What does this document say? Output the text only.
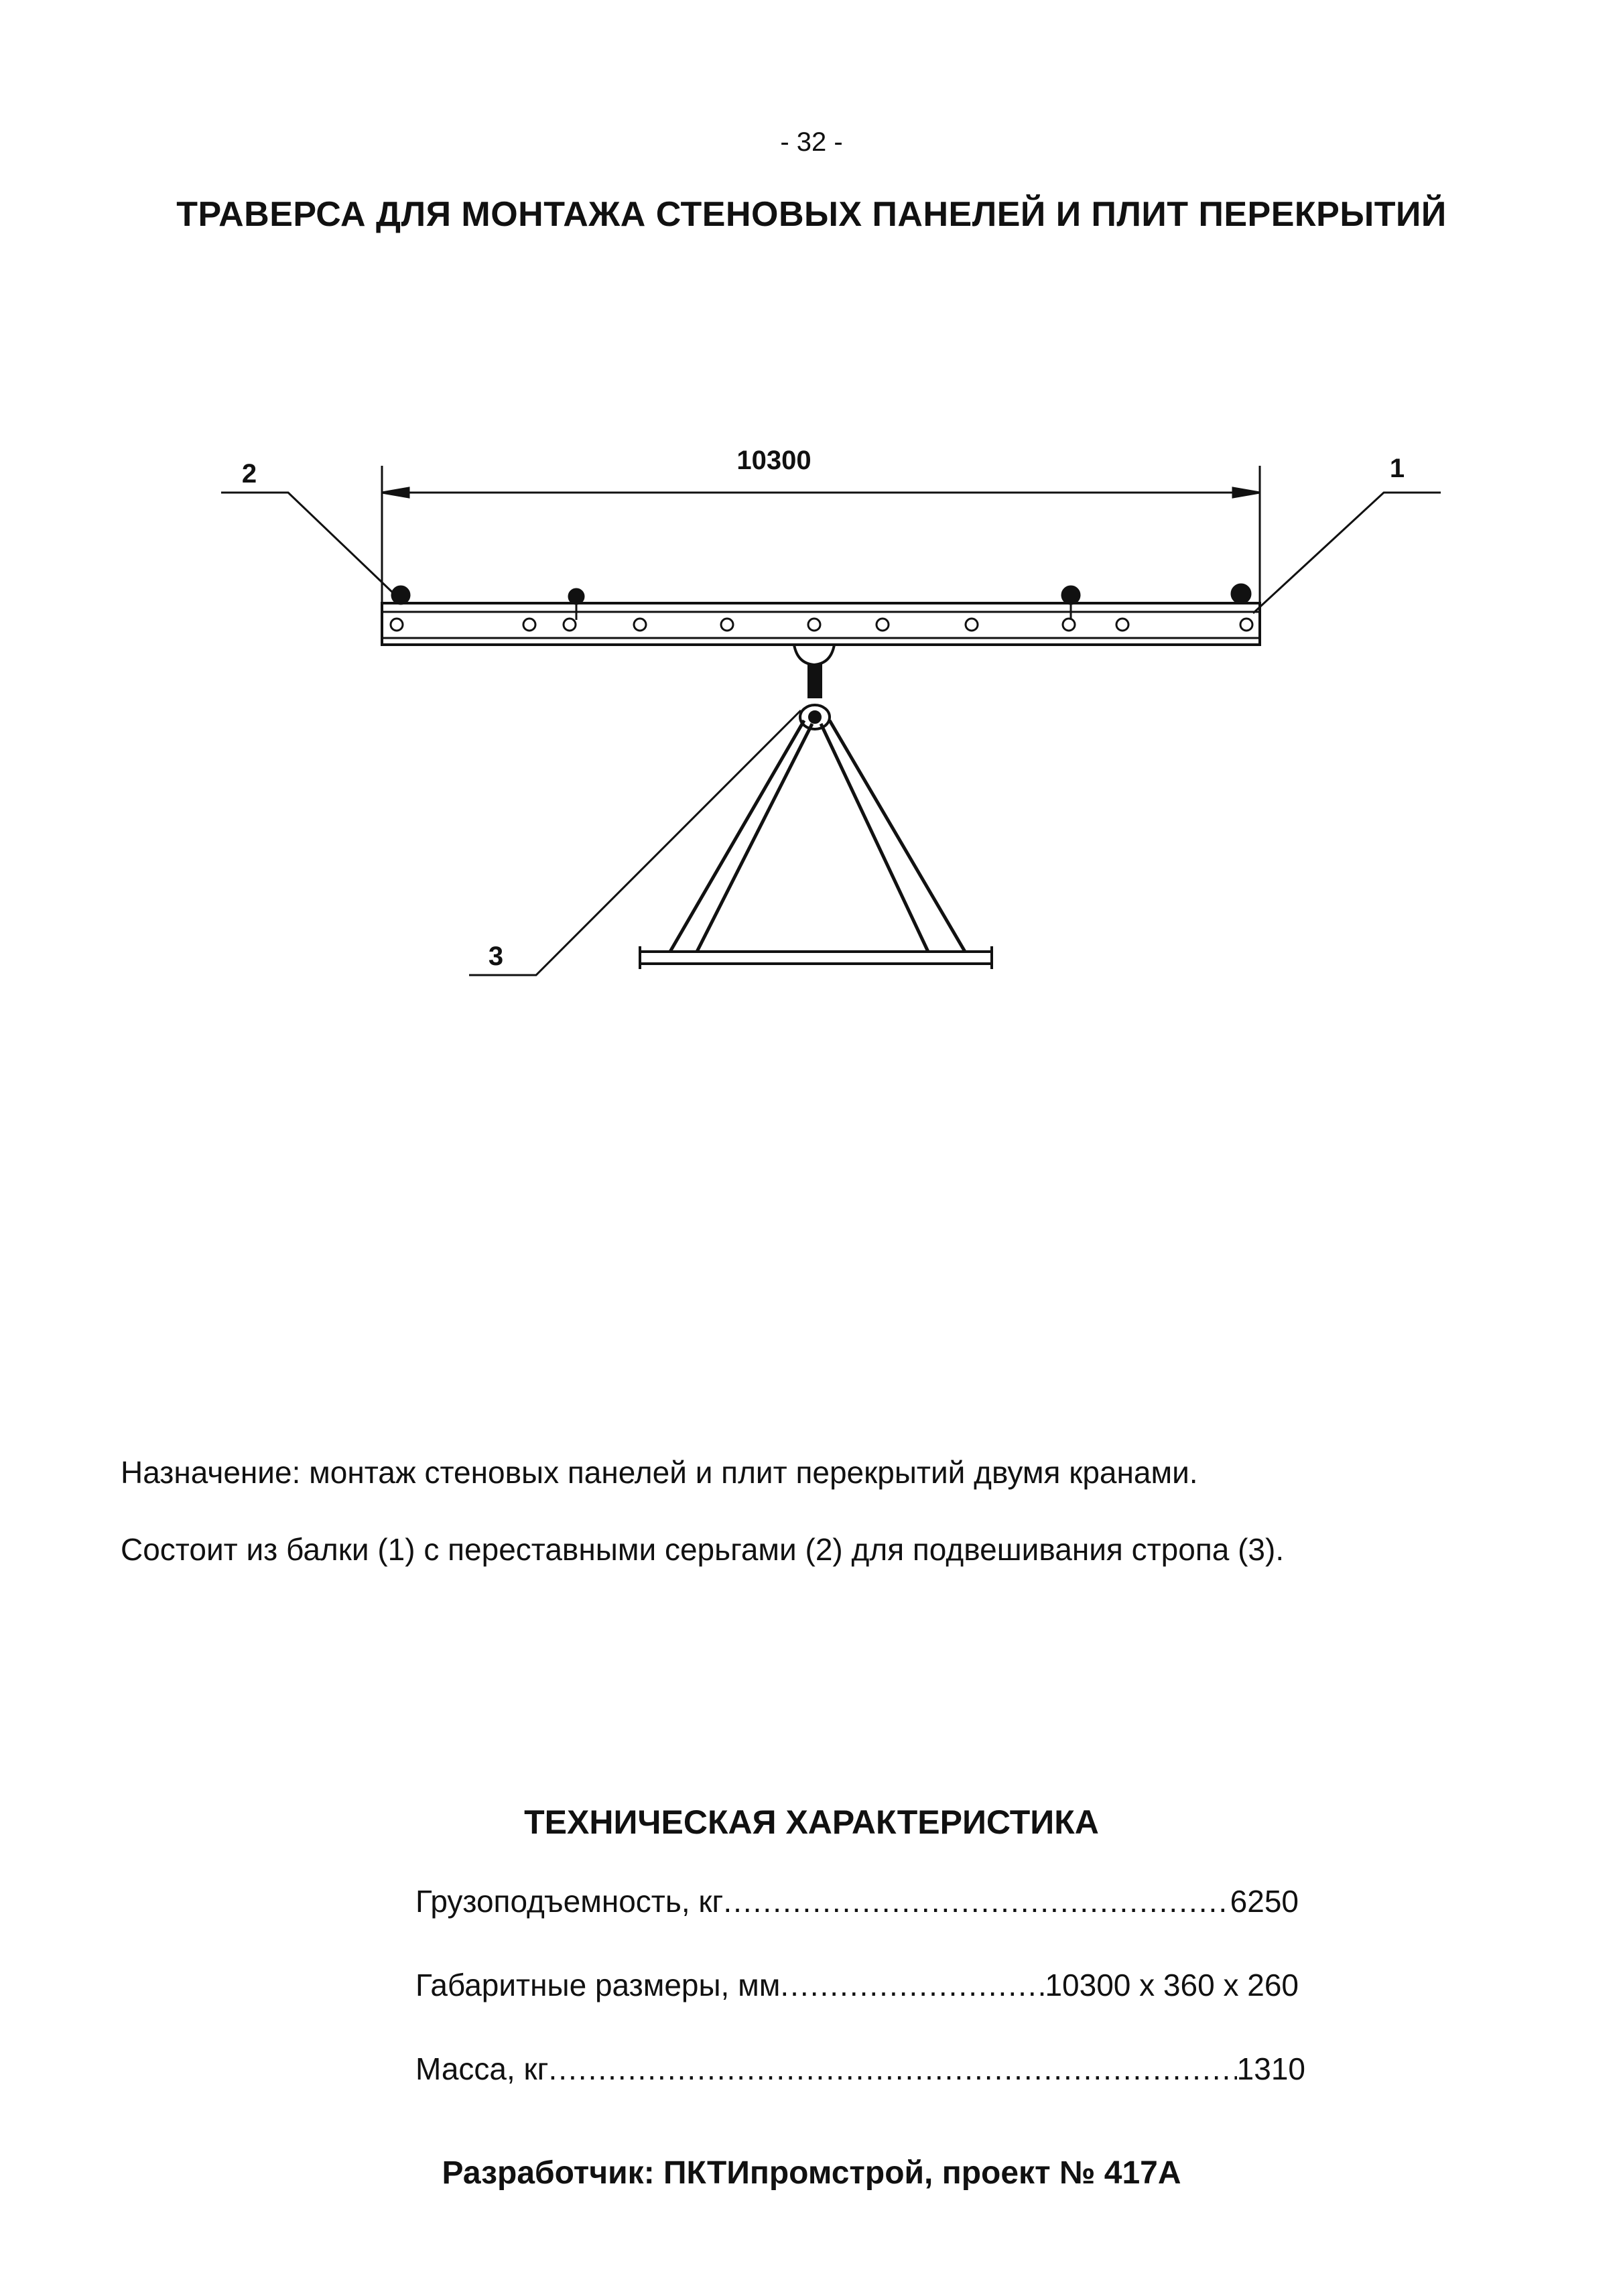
- 32 -
ТРАВЕРСА ДЛЯ МОНТАЖА СТЕНОВЫХ ПАНЕЛЕЙ И ПЛИТ ПЕРЕКРЫТИЙ
10300
2	1
3
Назначение: монтаж стеновых панелей и плит перекрытий двумя кранами.
Состоит из балки (1) с переставными серьгами (2) для подвешивания стропа (3).
ТЕХНИЧЕСКАЯ ХАРАКТЕРИСТИКА
Грузоподъемность, кг .....	6250
Габаритные размеры, мм .....	10300 х 360 х 260
Масса, кг .....	1310
Разработчик: ПКТИпромстрой, проект № 417А
